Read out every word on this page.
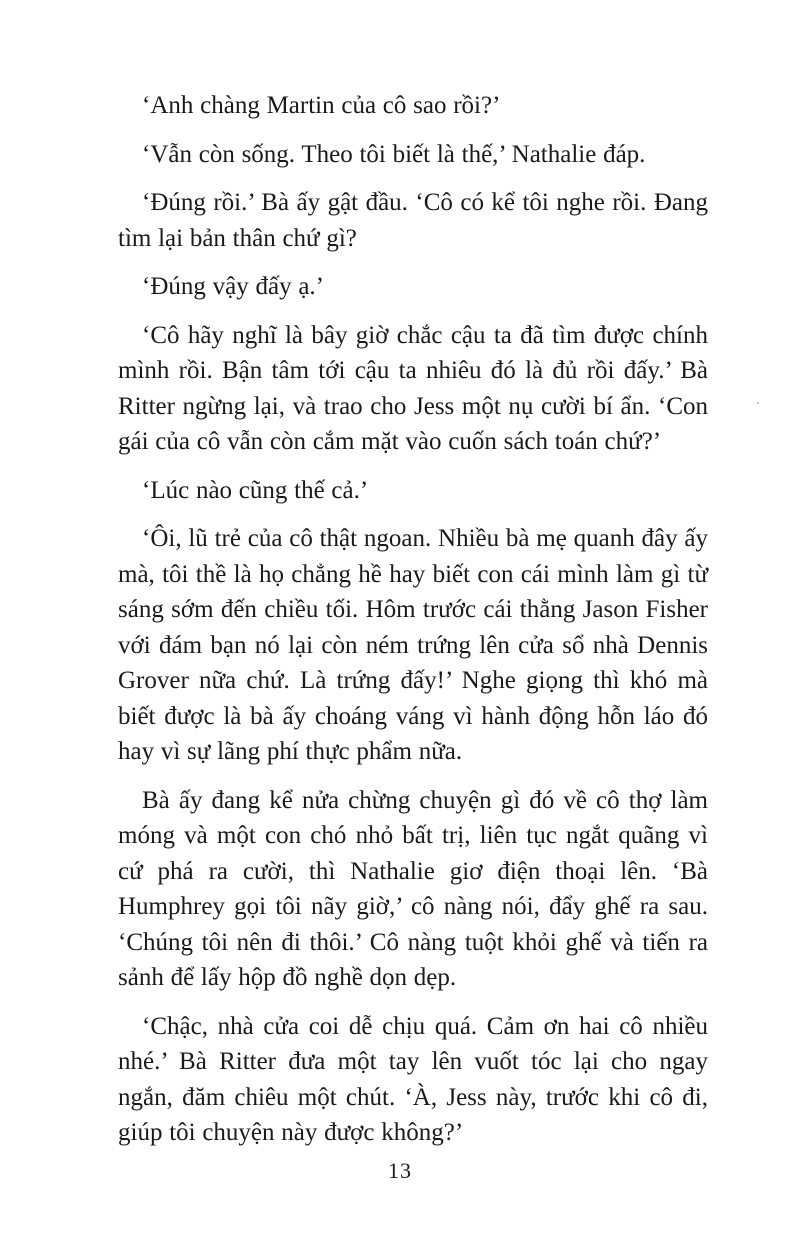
‘Anh chàng Martin của cô sao rồi?’

‘Vẫn còn sống. Theo tôi biết là thế,’ Nathalie đáp.

‘Đúng rồi.’ Bà ấy gật đầu. ‘Cô có kể tôi nghe rồi. Đang tìm lại bản thân chứ gì?

‘Đúng vậy đấy ạ.’

‘Cô hãy nghĩ là bây giờ chắc cậu ta đã tìm được chính mình rồi. Bận tâm tới cậu ta nhiêu đó là đủ rồi đấy.’ Bà Ritter ngừng lại, và trao cho Jess một nụ cười bí ẩn. ‘Con gái của cô vẫn còn cắm mặt vào cuốn sách toán chứ?’

‘Lúc nào cũng thế cả.’

‘Ôi, lũ trẻ của cô thật ngoan. Nhiều bà mẹ quanh đây ấy mà, tôi thề là họ chẳng hề hay biết con cái mình làm gì từ sáng sớm đến chiều tối. Hôm trước cái thằng Jason Fisher với đám bạn nó lại còn ném trứng lên cửa sổ nhà Dennis Grover nữa chứ. Là trứng đấy!’ Nghe giọng thì khó mà biết được là bà ấy choáng váng vì hành động hỗn láo đó hay vì sự lãng phí thực phẩm nữa.

Bà ấy đang kể nửa chừng chuyện gì đó về cô thợ làm móng và một con chó nhỏ bất trị, liên tục ngắt quãng vì cứ phá ra cười, thì Nathalie giơ điện thoại lên. ‘Bà Humphrey gọi tôi nãy giờ,’ cô nàng nói, đẩy ghế ra sau. ‘Chúng tôi nên đi thôi.’ Cô nàng tuột khỏi ghế và tiến ra sảnh để lấy hộp đồ nghề dọn dẹp.

‘Chậc, nhà cửa coi dễ chịu quá. Cảm ơn hai cô nhiều nhé.’ Bà Ritter đưa một tay lên vuốt tóc lại cho ngay ngắn, đăm chiêu một chút. ‘À, Jess này, trước khi cô đi, giúp tôi chuyện này được không?’

13
